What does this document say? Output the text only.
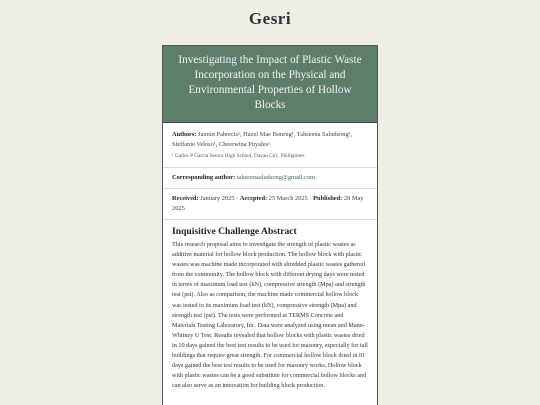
Gesri
Investigating the Impact of Plastic Waste Incorporation on the Physical and Environmental Properties of Hollow Blocks
Authors: Jannin Pabrecis¹, Hazel Mae Bonrug¹, Tahseena Saludsong¹, Steffanie Veloso¹, Cheerwina Puyales¹
¹ Carlos P Garcia Senior High School, Davao City, Philippines
Corresponding author: tahseenaaludsong@gmail.com
Received: January 2025 · Accepted: 25 March 2025 · Published: 28 May 2025
Inquisitive Challenge Abstract

This research proposal aims to investigate the strength of plastic wastes as additive material for hollow block production. The hollow block with plastic wastes was machine made incorporated with shredded plastic wastes gathered from the community. The hollow block with different drying days were tested in terms of maximum load test (kN), compressive strength (Mpa) and strength test (psi). Also as comparison, the machine made commercial hollow block was tested to its maximum load test (kN), compressive strength (Mpa) and strength test (psi). The tests were performed at TERMS Concrete and Materials Testing Laboratory, Inc. Data were analyzed using mean and Mann-Whitney U Test. Results revealed that hollow blocks with plastic wastes dried in 10 days gained the best test results to be used for masonry, especially for tall buildings that require great strength. For commercial hollow block dried in 81 days gained the best test results to be used for masonry works. Hollow block with plastic wastes can be a good substitute for commercial hollow blocks and can also serve as an innovation for building block production.
